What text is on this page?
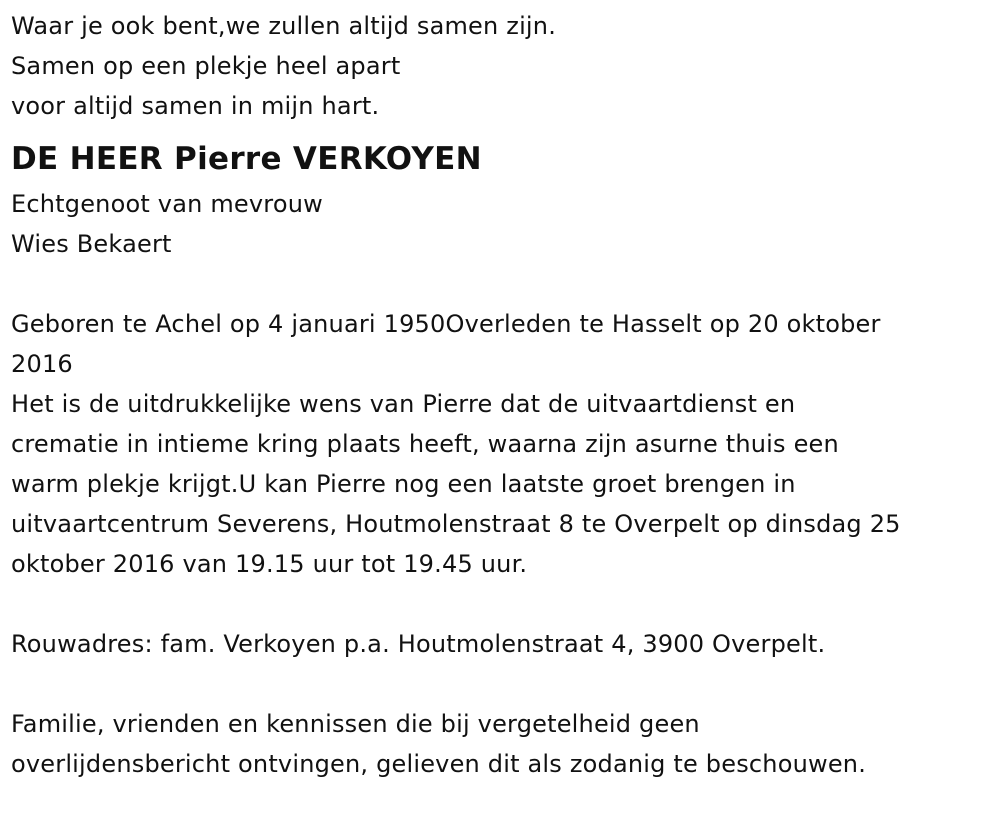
Waar je ook bent,we zullen altijd samen zijn.
Samen op een plekje heel apart
voor altijd samen in mijn hart.
DE HEER Pierre VERKOYEN
Echtgenoot van mevrouw
Wies Bekaert
Geboren te Achel op 4 januari 1950Overleden te Hasselt op 20 oktober
2016
Het is de uitdrukkelijke wens van Pierre dat de uitvaartdienst en
crematie in intieme kring plaats heeft, waarna zijn asurne thuis een
warm plekje krijgt.U kan Pierre nog een laatste groet brengen in
uitvaartcentrum Severens, Houtmolenstraat 8 te Overpelt op dinsdag 25
oktober 2016 van 19.15 uur tot 19.45 uur.
Rouwadres: fam. Verkoyen p.a. Houtmolenstraat 4, 3900 Overpelt.
Familie, vrienden en kennissen die bij vergetelheid geen
overlijdensbericht ontvingen, gelieven dit als zodanig te beschouwen.
